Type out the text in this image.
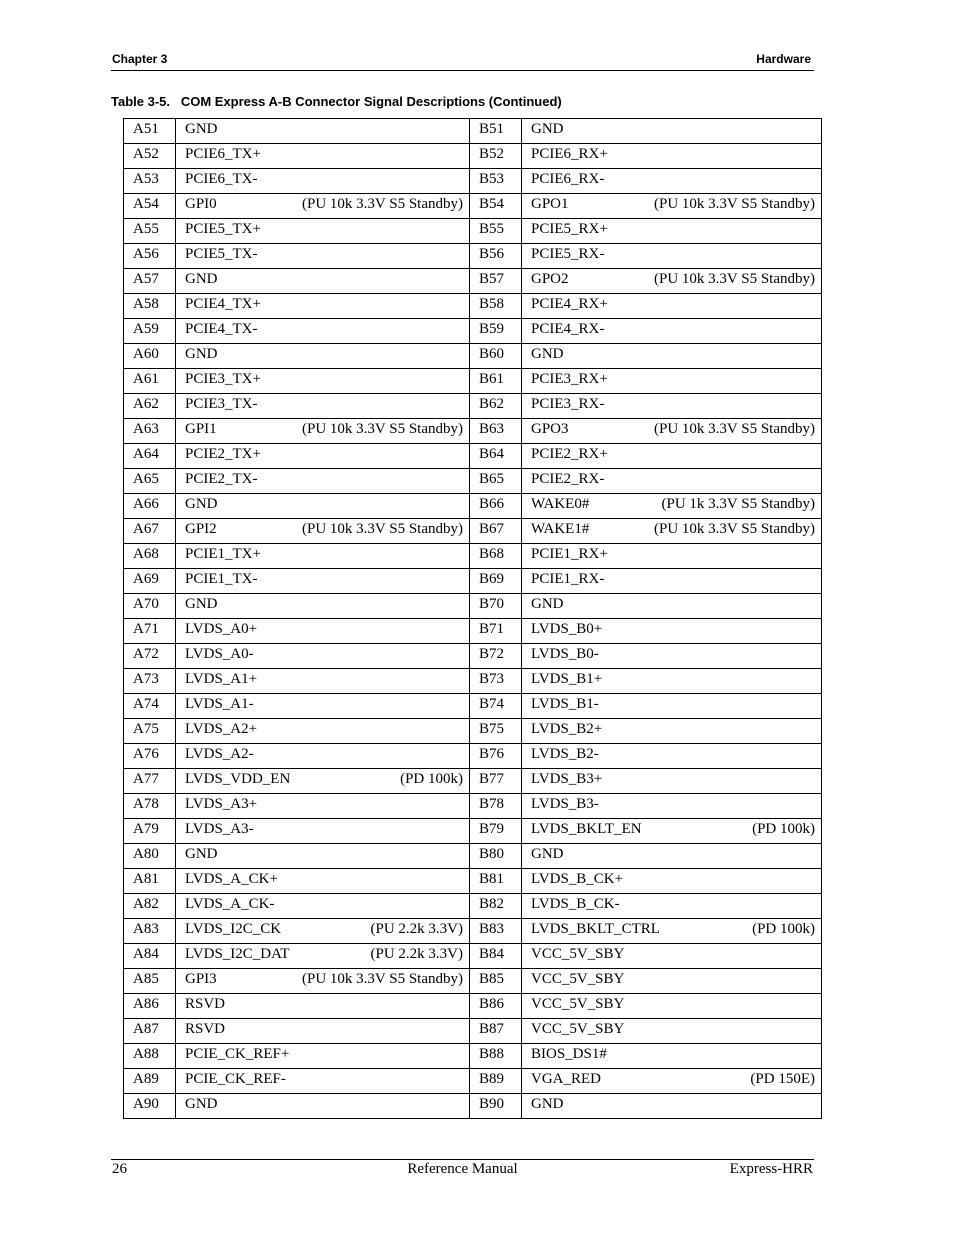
Chapter 3	Hardware
Table 3-5.   COM Express A-B Connector Signal Descriptions (Continued)
A51	GND	B51	GND

A52	PCIE6_TX+	B52	PCIE6_RX+

A53	PCIE6_TX-	B53	PCIE6_RX-

A54	GPI0 (PU 10k 3.3V S5 Standby)	B54	GPO1 (PU 10k 3.3V S5 Standby)

A55	PCIE5_TX+	B55	PCIE5_RX+

A56	PCIE5_TX-	B56	PCIE5_RX-

A57	GND	B57	GPO2 (PU 10k 3.3V S5 Standby)

A58	PCIE4_TX+	B58	PCIE4_RX+

A59	PCIE4_TX-	B59	PCIE4_RX-

A60	GND	B60	GND

A61	PCIE3_TX+	B61	PCIE3_RX+

A62	PCIE3_TX-	B62	PCIE3_RX-

A63	GPI1 (PU 10k 3.3V S5 Standby)	B63	GPO3 (PU 10k 3.3V S5 Standby)

A64	PCIE2_TX+	B64	PCIE2_RX+

A65	PCIE2_TX-	B65	PCIE2_RX-

A66	GND	B66	WAKE0# (PU 1k 3.3V S5 Standby)

A67	GPI2 (PU 10k 3.3V S5 Standby)	B67	WAKE1# (PU 10k 3.3V S5 Standby)

A68	PCIE1_TX+	B68	PCIE1_RX+

A69	PCIE1_TX-	B69	PCIE1_RX-

A70	GND	B70	GND

A71	LVDS_A0+	B71	LVDS_B0+

A72	LVDS_A0-	B72	LVDS_B0-

A73	LVDS_A1+	B73	LVDS_B1+

A74	LVDS_A1-	B74	LVDS_B1-

A75	LVDS_A2+	B75	LVDS_B2+

A76	LVDS_A2-	B76	LVDS_B2-

A77	LVDS_VDD_EN (PD 100k)	B77	LVDS_B3+

A78	LVDS_A3+	B78	LVDS_B3-

A79	LVDS_A3-	B79	LVDS_BKLT_EN (PD 100k)

A80	GND	B80	GND

A81	LVDS_A_CK+	B81	LVDS_B_CK+

A82	LVDS_A_CK-	B82	LVDS_B_CK-

A83	LVDS_I2C_CK (PU 2.2k 3.3V)	B83	LVDS_BKLT_CTRL (PD 100k)

A84	LVDS_I2C_DAT (PU 2.2k 3.3V)	B84	VCC_5V_SBY

A85	GPI3 (PU 10k 3.3V S5 Standby)	B85	VCC_5V_SBY

A86	RSVD	B86	VCC_5V_SBY

A87	RSVD	B87	VCC_5V_SBY

A88	PCIE_CK_REF+	B88	BIOS_DS1#

A89	PCIE_CK_REF-	B89	VGA_RED (PD 150E)

A90	GND	B90	GND
26	Reference Manual	Express-HRR
